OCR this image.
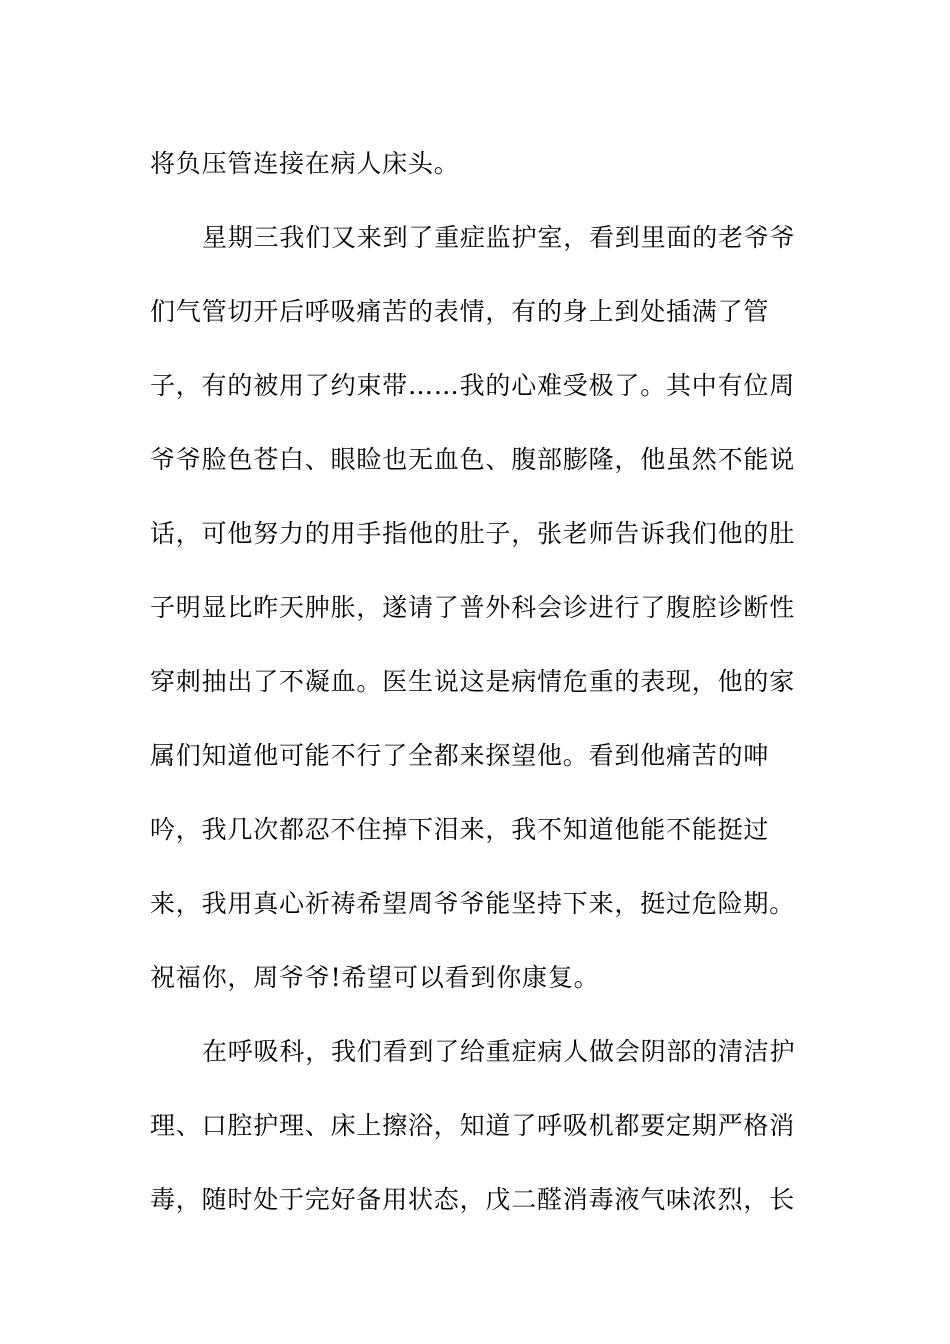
将负压管连接在病人床头。
星期三我们又来到了重症监护室，看到里面的老爷爷
们气管切开后呼吸痛苦的表情，有的身上到处插满了管
子，有的被用了约束带……我的心难受极了。其中有位周
爷爷脸色苍白、眼睑也无血色、腹部膨隆，他虽然不能说
话，可他努力的用手指他的肚子，张老师告诉我们他的肚
子明显比昨天肿胀，遂请了普外科会诊进行了腹腔诊断性
穿刺抽出了不凝血。医生说这是病情危重的表现，他的家
属们知道他可能不行了全都来探望他。看到他痛苦的呻
吟，我几次都忍不住掉下泪来，我不知道他能不能挺过
来，我用真心祈祷希望周爷爷能坚持下来，挺过危险期。
祝福你，周爷爷!希望可以看到你康复。
在呼吸科，我们看到了给重症病人做会阴部的清洁护
理、口腔护理、床上擦浴，知道了呼吸机都要定期严格消
毒，随时处于完好备用状态，戊二醛消毒液气味浓烈，长
